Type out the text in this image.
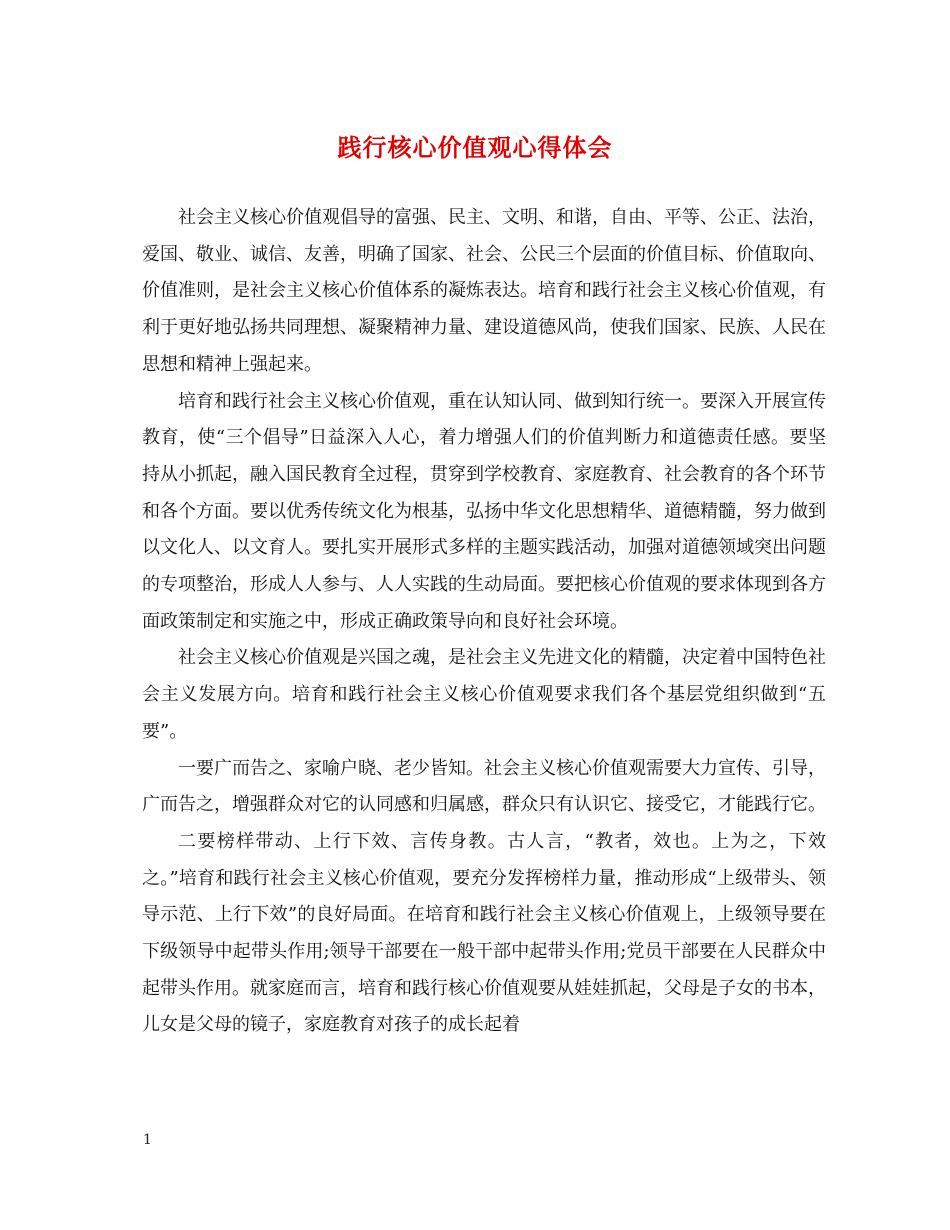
践行核心价值观心得体会

社会主义核心价值观倡导的富强、民主、文明、和谐，自由、平等、公正、法治，爱国、敬业、诚信、友善，明确了国家、社会、公民三个层面的价值目标、价值取向、价值准则，是社会主义核心价值体系的凝炼表达。培育和践行社会主义核心价值观，有利于更好地弘扬共同理想、凝聚精神力量、建设道德风尚，使我们国家、民族、人民在思想和精神上强起来。

培育和践行社会主义核心价值观，重在认知认同、做到知行统一。要深入开展宣传教育，使“三个倡导”日益深入人心，着力增强人们的价值判断力和道德责任感。要坚持从小抓起，融入国民教育全过程，贯穿到学校教育、家庭教育、社会教育的各个环节和各个方面。要以优秀传统文化为根基，弘扬中华文化思想精华、道德精髓，努力做到以文化人、以文育人。要扎实开展形式多样的主题实践活动，加强对道德领域突出问题的专项整治，形成人人参与、人人实践的生动局面。要把核心价值观的要求体现到各方面政策制定和实施之中，形成正确政策导向和良好社会环境。

社会主义核心价值观是兴国之魂，是社会主义先进文化的精髓，决定着中国特色社会主义发展方向。培育和践行社会主义核心价值观要求我们各个基层党组织做到“五要”。

一要广而告之、家喻户晓、老少皆知。社会主义核心价值观需要大力宣传、引导，广而告之，增强群众对它的认同感和归属感，群众只有认识它、接受它，才能践行它。

二要榜样带动、上行下效、言传身教。古人言，“教者，效也。上为之，下效之。”培育和践行社会主义核心价值观，要充分发挥榜样力量，推动形成“上级带头、领导示范、上行下效”的良好局面。在培育和践行社会主义核心价值观上，上级领导要在下级领导中起带头作用;领导干部要在一般干部中起带头作用;党员干部要在人民群众中起带头作用。就家庭而言，培育和践行核心价值观要从娃娃抓起，父母是子女的书本，儿女是父母的镜子，家庭教育对孩子的成长起着

1
